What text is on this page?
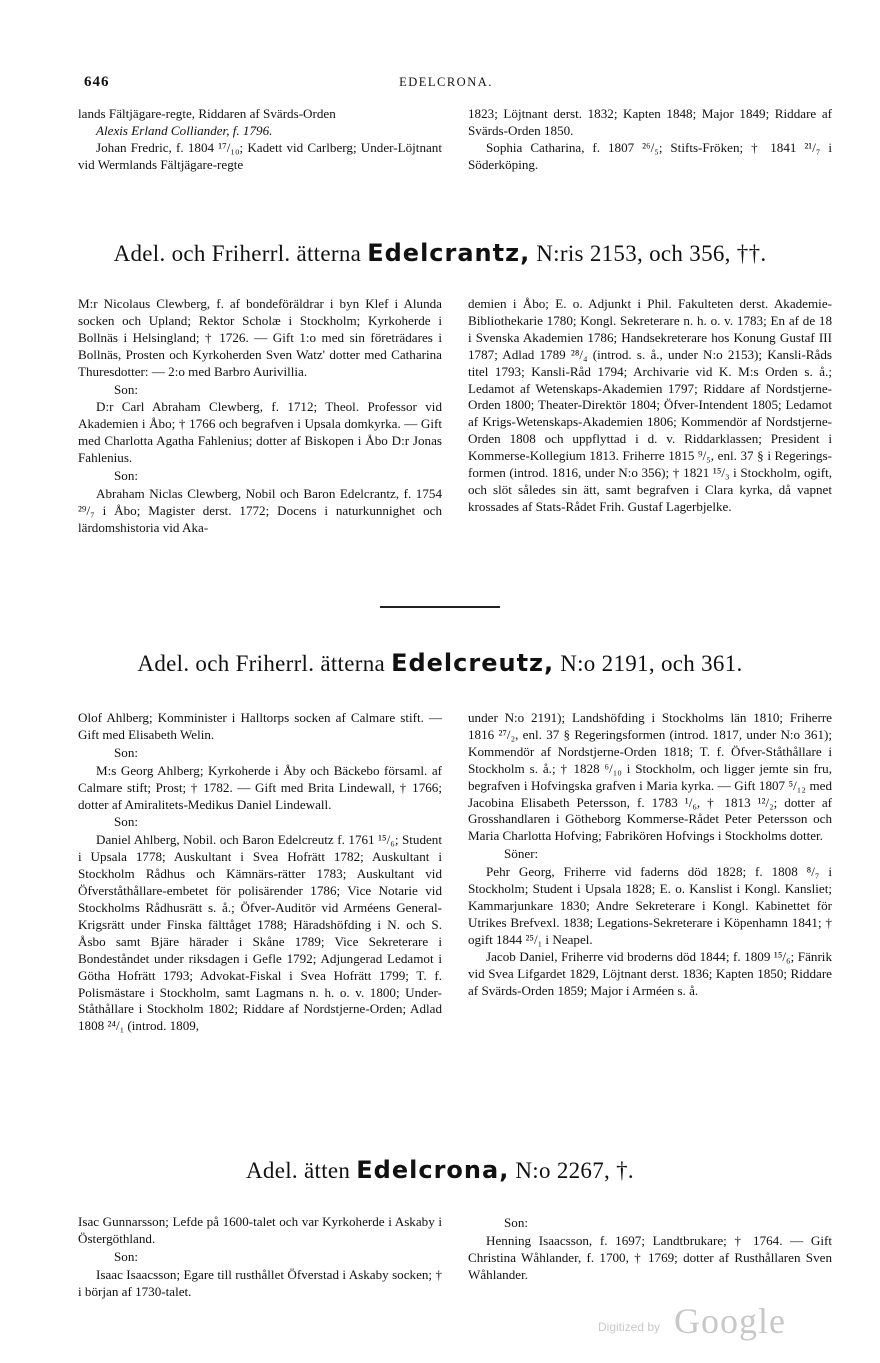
646	EDELCRONA.

lands Fältjägare-regte, Riddaren af Svärds-Orden

Alexis Erland Colliander, f. 1796.

Johan Fredric, f. 1804 ¹⁷/₁₀; Kadett vid Carlberg; Under-Löjtnant vid Wermlands Fältjägare-regte

1823; Löjtnant derst. 1832; Kapten 1848; Major 1849; Riddare af Svärds-Orden 1850.

Sophia Catharina, f. 1807 ²⁶/₅; Stifts-Fröken; † 1841 ²¹/₇ i Söderköping.

Adel. och Friherrl. ätterna Edelcrantz, N:ris 2153, och 356, ††.

M:r Nicolaus Clewberg, f. af bondeföräldrar i byn Klef i Alunda socken och Upland; Rektor Scholæ i Stockholm; Kyrkoherde i Bollnäs i Helsingland; † 1726. — Gift 1:o med sin företrädares i Bollnäs, Prosten och Kyrkoherden Sven Watz' dotter med Catharina Thuresdotter: — 2:o med Barbro Aurivillia.

Son:

D:r Carl Abraham Clewberg, f. 1712; Theol. Professor vid Akademien i Åbo; † 1766 och begrafven i Upsala domkyrka. — Gift med Charlotta Agatha Fahlenius; dotter af Biskopen i Åbo D:r Jonas Fahlenius.

Son:

Abraham Niclas Clewberg, Nobil och Baron Edelcrantz, f. 1754 ²⁹/₇ i Åbo; Magister derst. 1772; Docens i naturkunnighet och lärdomshistoria vid Aka-

demien i Åbo; E. o. Adjunkt i Phil. Fakulteten derst. Akademie-Bibliothekarie 1780; Kongl. Sekreterare n. h. o. v. 1783; En af de 18 i Svenska Akademien 1786; Handsekreterare hos Konung Gustaf III 1787; Adlad 1789 ²⁸/₄ (introd. s. å., under N:o 2153); Kansli-Råds titel 1793; Kansli-Råd 1794; Archivarie vid K. M:s Orden s. å.; Ledamot af Wetenskaps-Akademien 1797; Riddare af Nordstjerne-Orden 1800; Theater-Direktör 1804; Öfver-Intendent 1805; Ledamot af Krigs-Wetenskaps-Akademien 1806; Kommendör af Nordstjerne-Orden 1808 och uppflyttad i d. v. Riddarklassen; President i Kommerse-Kollegium 1813. Friherre 1815 ⁹/₅, enl. 37 § i Regerings-formen (introd. 1816, under N:o 356); † 1821 ¹⁵/₃ i Stockholm, ogift, och slöt således sin ätt, samt begrafven i Clara kyrka, då vapnet krossades af Stats-Rådet Frih. Gustaf Lagerbjelke.

Adel. och Friherrl. ätterna Edelcreutz, N:o 2191, och 361.

Olof Ahlberg; Komminister i Halltorps socken af Calmare stift. — Gift med Elisabeth Welin.

Son:

M:s Georg Ahlberg; Kyrkoherde i Åby och Bäckebo församl. af Calmare stift; Prost; † 1782. — Gift med Brita Lindewall, † 1766; dotter af Amiralitets-Medikus Daniel Lindewall.

Son:

Daniel Ahlberg, Nobil. och Baron Edelcreutz f. 1761 ¹⁵/₆; Student i Upsala 1778; Auskultant i Svea Hofrätt 1782; Auskultant i Stockholm Rådhus och Kämnärs-rätter 1783; Auskultant vid Öfverståthållare-embetet för polisärender 1786; Vice Notarie vid Stockholms Rådhusrätt s. å.; Öfver-Auditör vid Arméens General-Krigsrätt under Finska fälttåget 1788; Häradshöfding i N. och S. Åsbo samt Bjäre härader i Skåne 1789; Vice Sekreterare i Bondeståndet under riksdagen i Gefle 1792; Adjungerad Ledamot i Götha Hofrätt 1793; Advokat-Fiskal i Svea Hofrätt 1799; T. f. Polismästare i Stockholm, samt Lagmans n. h. o. v. 1800; Under-Ståthållare i Stockholm 1802; Riddare af Nordstjerne-Orden; Adlad 1808 ²⁴/₁ (introd. 1809,

under N:o 2191); Landshöfding i Stockholms län 1810; Friherre 1816 ²⁷/₂, enl. 37 § Regeringsformen (introd. 1817, under N:o 361); Kommendör af Nordstjerne-Orden 1818; T. f. Öfver-Ståthållare i Stockholm s. å.; † 1828 ⁶/₁₀ i Stockholm, och ligger jemte sin fru, begrafven i Hofvingska grafven i Maria kyrka. — Gift 1807 ⁵/₁₂ med Jacobina Elisabeth Petersson, f. 1783 ¹/₆, † 1813 ¹²/₂; dotter af Grosshandlaren i Götheborg Kommerse-Rådet Peter Petersson och Maria Charlotta Hofving; Fabrikören Hofvings i Stockholms dotter.

Söner:

Pehr Georg, Friherre vid faderns död 1828; f. 1808 ⁸/₇ i Stockholm; Student i Upsala 1828; E. o. Kanslist i Kongl. Kansliet; Kammarjunkare 1830; Andre Sekreterare i Kongl. Kabinettet för Utrikes Brefvexl. 1838; Legations-Sekreterare i Köpenhamn 1841; † ogift 1844 ²⁵/₁ i Neapel.

Jacob Daniel, Friherre vid broderns död 1844; f. 1809 ¹⁵/₆; Fänrik vid Svea Lifgardet 1829, Löjtnant derst. 1836; Kapten 1850; Riddare af Svärds-Orden 1859; Major i Arméen s. å.

Adel. ätten Edelcrona, N:o 2267, †.

Isac Gunnarsson; Lefde på 1600-talet och var Kyrkoherde i Askaby i Östergöthland.

Son:

Isaac Isaacsson; Egare till rusthållet Öfverstad i Askaby socken; † i början af 1730-talet.

Son:

Henning Isaacsson, f. 1697; Landtbrukare; † 1764. — Gift Christina Wåhlander, f. 1700, † 1769; dotter af Rusthållaren Sven Wåhlander.

Digitized by Google
